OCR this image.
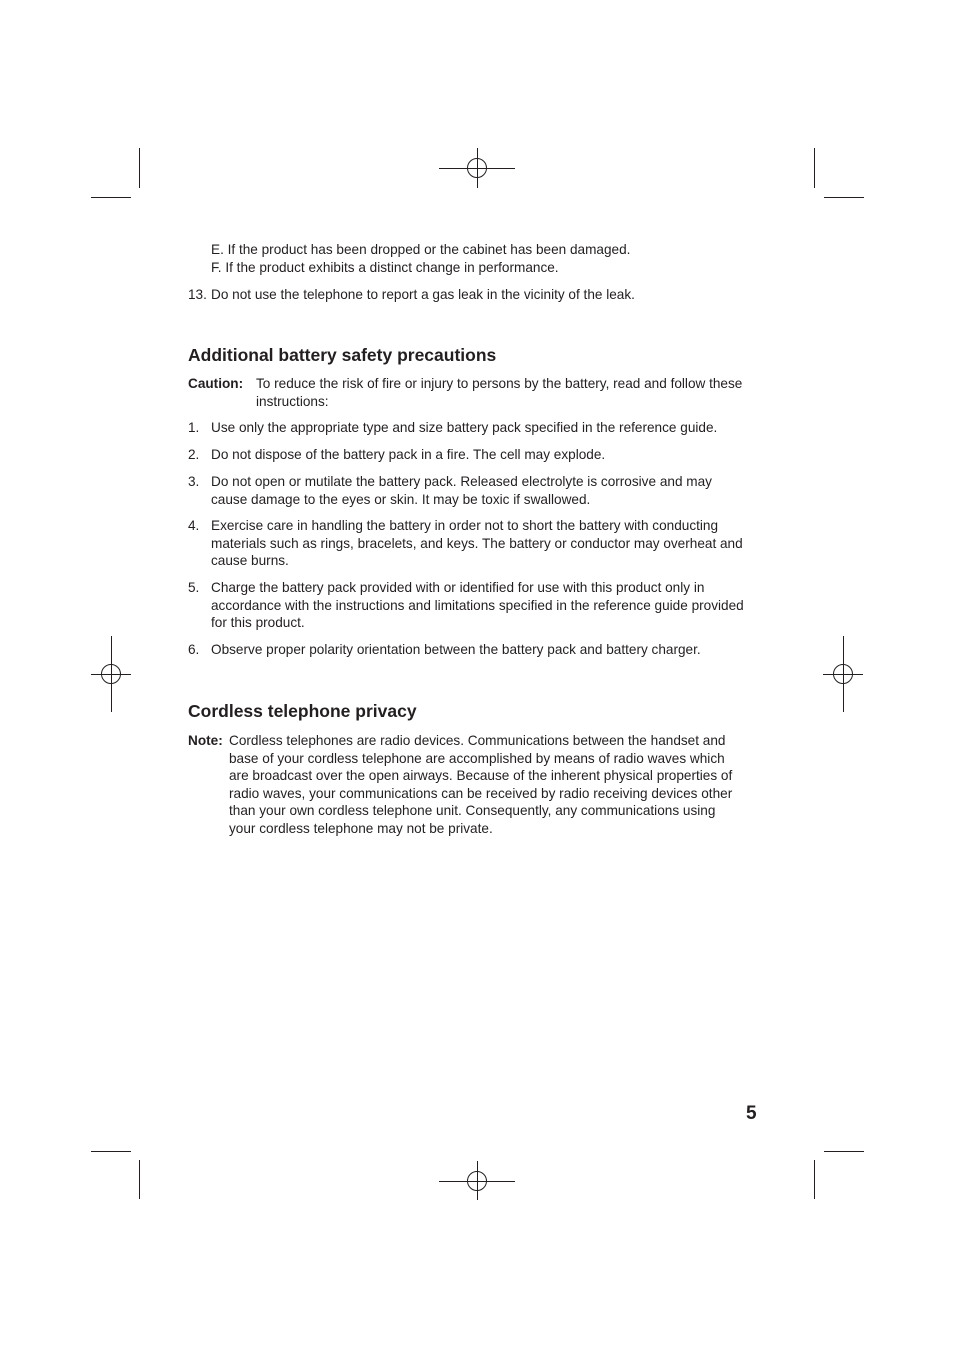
E. If the product has been dropped or the cabinet has been damaged.
F. If the product exhibits a distinct change in performance.
13. Do not use the telephone to report a gas leak in the vicinity of the leak.
Additional battery safety precautions
Caution: To reduce the risk of fire or injury to persons by the battery, read and follow these instructions:
1. Use only the appropriate type and size battery pack specified in the reference guide.
2. Do not dispose of the battery pack in a fire. The cell may explode.
3. Do not open or mutilate the battery pack. Released electrolyte is corrosive and may cause damage to the eyes or skin. It may be toxic if swallowed.
4. Exercise care in handling the battery in order not to short the battery with conducting materials such as rings, bracelets, and keys. The battery or conductor may overheat and cause burns.
5. Charge the battery pack provided with or identified for use with this product only in accordance with the instructions and limitations specified in the reference guide provided for this product.
6. Observe proper polarity orientation between the battery pack and battery charger.
Cordless telephone privacy
Note: Cordless telephones are radio devices. Communications between the handset and base of your cordless telephone are accomplished by means of radio waves which are broadcast over the open airways. Because of the inherent physical properties of radio waves, your communications can be received by radio receiving devices other than your own cordless telephone unit. Consequently, any communications using your cordless telephone may not be private.
5
